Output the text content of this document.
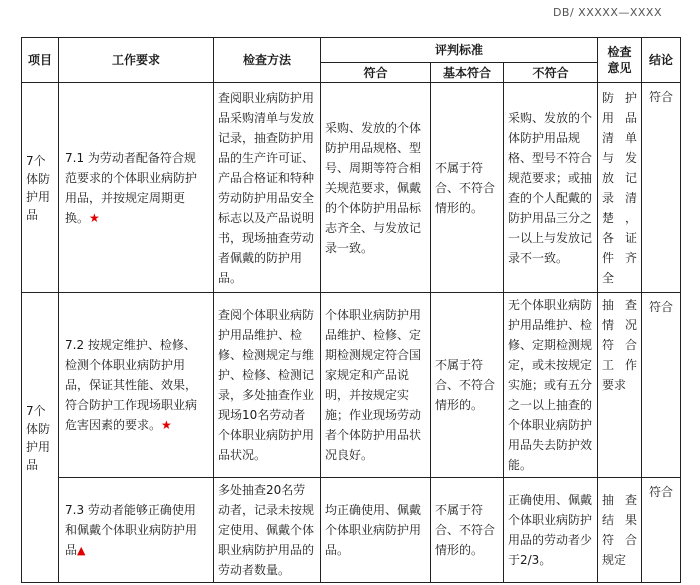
DB/ XXXXX—XXXX
项目	工作要求	检查方法	评判标准			检查意见	结论
			符合	基本符合	不符合		

7个体防护用品	7.1 为劳动者配备符合规范要求的个体职业病防护用品，并按规定周期更换。★	查阅职业病防护用品采购清单与发放记录，抽查防护用品的生产许可证、产品合格证和特种劳动防护用品安全标志以及产品说明书，现场抽查劳动者佩戴的防护用品。	采购、发放的个体防护用品规格、型号、周期等符合相关规范要求，佩戴的个体防护用品标志齐全、与发放记录一致。	不属于符合、不符合情形的。	采购、发放的个体防护用品规格、型号不符合规范要求；或抽查的个人配戴的防护用品三分之一以上与发放记录不一致。	防护用品清单与发放记录清楚，各证件齐全	符合

7个体防护用品	7.2 按规定维护、检修、检测个体职业病防护用品，保证其性能、效果，符合防护工作现场职业病危害因素的要求。★	查阅个体职业病防护用品维护、检修、检测规定与维护、检修、检测记录，多处抽查作业现场10名劳动者个体职业病防护用品状况。	个体职业病防护用品维护、检修、定期检测规定符合国家规定和产品说明，并按规定实施；作业现场劳动者个体防护用品状况良好。	不属于符合、不符合情形的。	无个体职业病防护用品维护、检修、定期检测规定，或未按规定实施；或有五分之一以上抽查的个体职业病防护用品失去防护效能。	抽查情况符合工作要求	符合
	7.3 劳动者能够正确使用和佩戴个体职业病防护用品▲	多处抽查20名劳动者，记录未按规定使用、佩戴个体职业病防护用品的劳动者数量。	均正确使用、佩戴个体职业病防护用品。	不属于符合、不符合情形的。	正确使用、佩戴个体职业病防护用品的劳动者少于2/3。	抽查结果符合规定	符合
